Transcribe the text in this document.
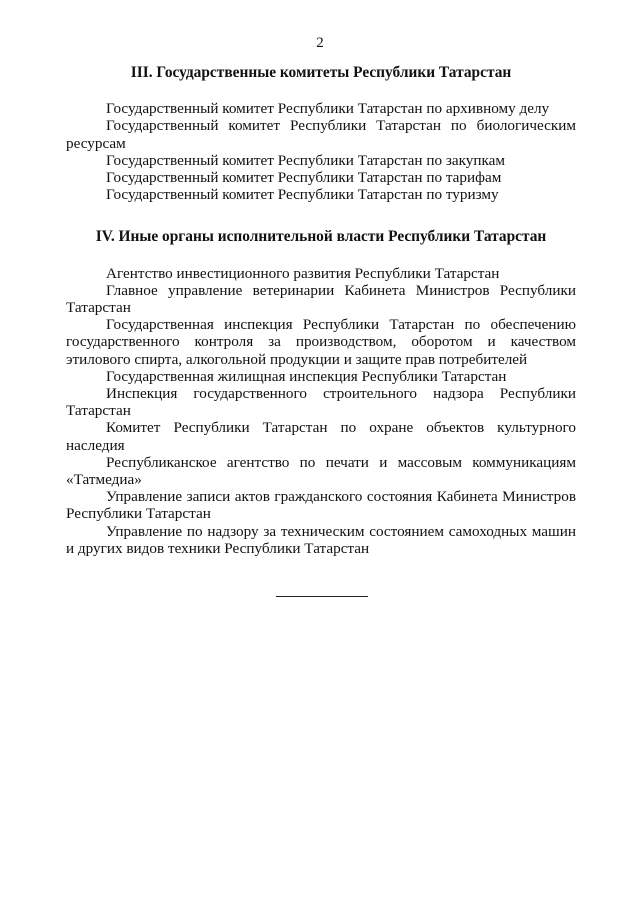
2

III. Государственные комитеты Республики Татарстан

Государственный комитет Республики Татарстан по архивному делу

Государственный комитет Республики Татарстан по биологическим ресурсам

Государственный комитет Республики Татарстан по закупкам

Государственный комитет Республики Татарстан по тарифам

Государственный комитет Республики Татарстан по туризму

IV. Иные органы исполнительной власти Республики Татарстан

Агентство инвестиционного развития Республики Татарстан

Главное управление ветеринарии Кабинета Министров Республики Татарстан

Государственная инспекция Республики Татарстан по обеспечению государственного контроля за производством, оборотом и качеством этилового спирта, алкогольной продукции и защите прав потребителей

Государственная жилищная инспекция Республики Татарстан

Инспекция государственного строительного надзора Республики Татарстан

Комитет Республики Татарстан по охране объектов культурного наследия

Республиканское агентство по печати и массовым коммуникациям «Татмедиа»

Управление записи актов гражданского состояния Кабинета Министров Республики Татарстан

Управление по надзору за техническим состоянием самоходных машин и других видов техники Республики Татарстан
